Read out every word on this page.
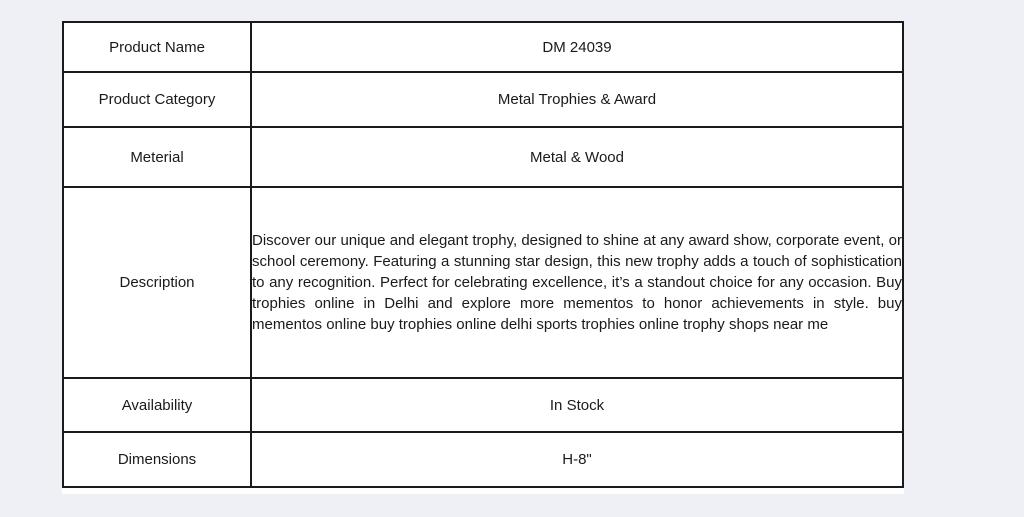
Product Name	DM 24039
Product Category	Metal Trophies & Award
Meterial	Metal & Wood
Description	Discover our unique and elegant trophy, designed to shine at any award show, corporate event, or school ceremony. Featuring a stunning star design, this new trophy adds a touch of sophistication to any recognition. Perfect for celebrating excellence, it’s a standout choice for any occasion. Buy trophies online in Delhi and explore more mementos to honor achievements in style. buy mementos online buy trophies online delhi sports trophies online trophy shops near me
Availability	In Stock
Dimensions	H-8"
